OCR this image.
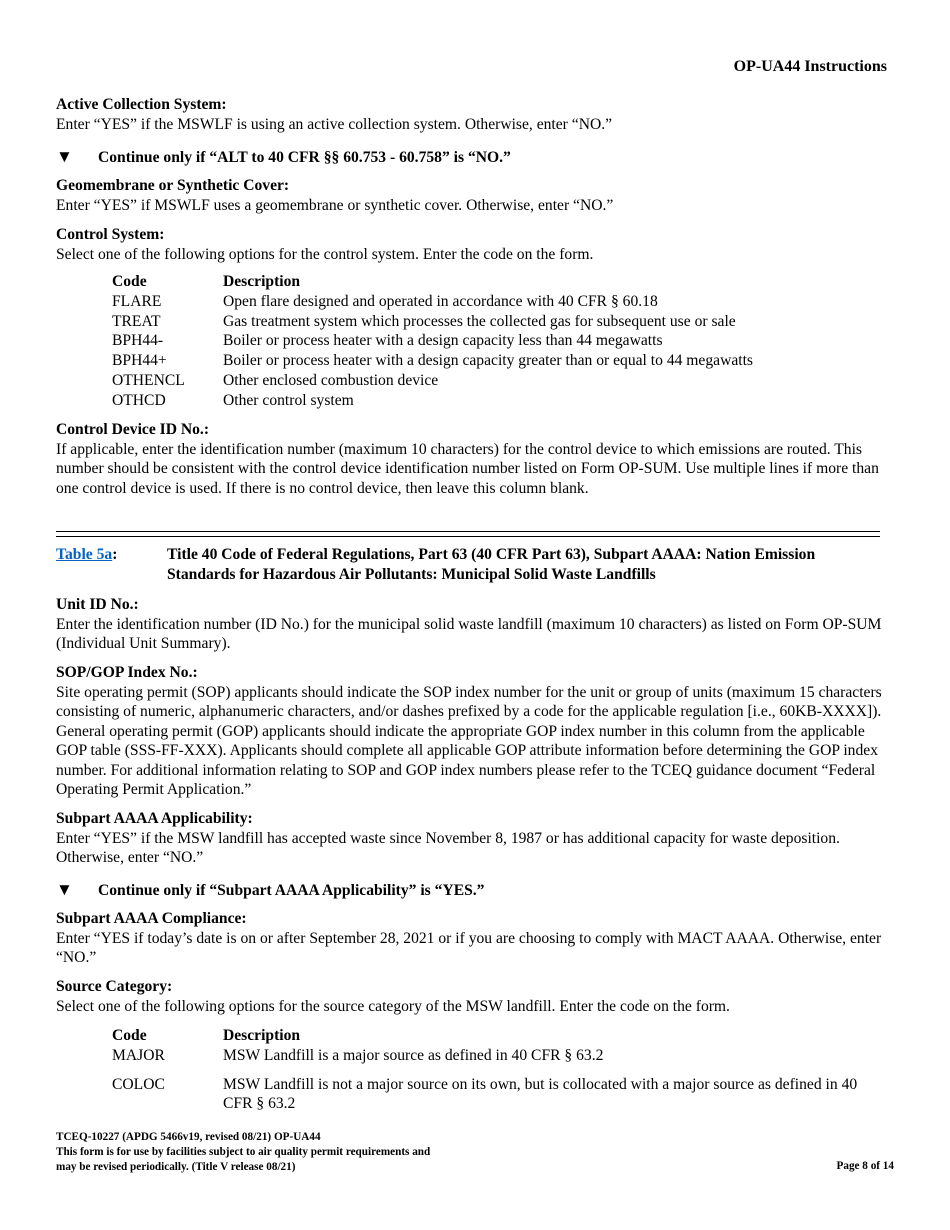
OP-UA44 Instructions
Active Collection System:

Enter “YES” if the MSWLF is using an active collection system. Otherwise, enter “NO.”

▼ Continue only if “ALT to 40 CFR §§ 60.753 - 60.758” is “NO.”
Geomembrane or Synthetic Cover:

Enter “YES” if MSWLF uses a geomembrane or synthetic cover. Otherwise, enter “NO.”

Control System:

Select one of the following options for the control system. Enter the code on the form.

Code	Description
FLARE	Open flare designed and operated in accordance with 40 CFR § 60.18
TREAT	Gas treatment system which processes the collected gas for subsequent use or sale
BPH44-	Boiler or process heater with a design capacity less than 44 megawatts
BPH44+	Boiler or process heater with a design capacity greater than or equal to 44 megawatts
OTHENCL	Other enclosed combustion device
OTHCD	Other control system
Control Device ID No.:

If applicable, enter the identification number (maximum 10 characters) for the control device to which emissions are routed. This number should be consistent with the control device identification number listed on Form OP-SUM. Use multiple lines if more than one control device is used. If there is no control device, then leave this column blank.

Table 5a:	Title 40 Code of Federal Regulations, Part 63 (40 CFR Part 63), Subpart AAAA: Nation Emission Standards for Hazardous Air Pollutants: Municipal Solid Waste Landfills
Unit ID No.:

Enter the identification number (ID No.) for the municipal solid waste landfill (maximum 10 characters) as listed on Form OP-SUM (Individual Unit Summary).

SOP/GOP Index No.:

Site operating permit (SOP) applicants should indicate the SOP index number for the unit or group of units (maximum 15 characters consisting of numeric, alphanumeric characters, and/or dashes prefixed by a code for the applicable regulation [i.e., 60KB-XXXX]). General operating permit (GOP) applicants should indicate the appropriate GOP index number in this column from the applicable GOP table (SSS-FF-XXX). Applicants should complete all applicable GOP attribute information before determining the GOP index number. For additional information relating to SOP and GOP index numbers please refer to the TCEQ guidance document “Federal Operating Permit Application.”

Subpart AAAA Applicability:

Enter “YES” if the MSW landfill has accepted waste since November 8, 1987 or has additional capacity for waste deposition. Otherwise, enter “NO.”

▼ Continue only if “Subpart AAAA Applicability” is “YES.”
Subpart AAAA Compliance:

Enter “YES if today’s date is on or after September 28, 2021 or if you are choosing to comply with MACT AAAA. Otherwise, enter “NO.”

Source Category:

Select one of the following options for the source category of the MSW landfill. Enter the code on the form.

Code	Description
MAJOR	MSW Landfill is a major source as defined in 40 CFR § 63.2
COLOC	MSW Landfill is not a major source on its own, but is collocated with a major source as defined in 40 CFR § 63.2
TCEQ-10227 (APDG 5466v19, revised 08/21) OP-UA44
This form is for use by facilities subject to air quality permit requirements and
may be revised periodically. (Title V release 08/21)	Page 8 of 14
